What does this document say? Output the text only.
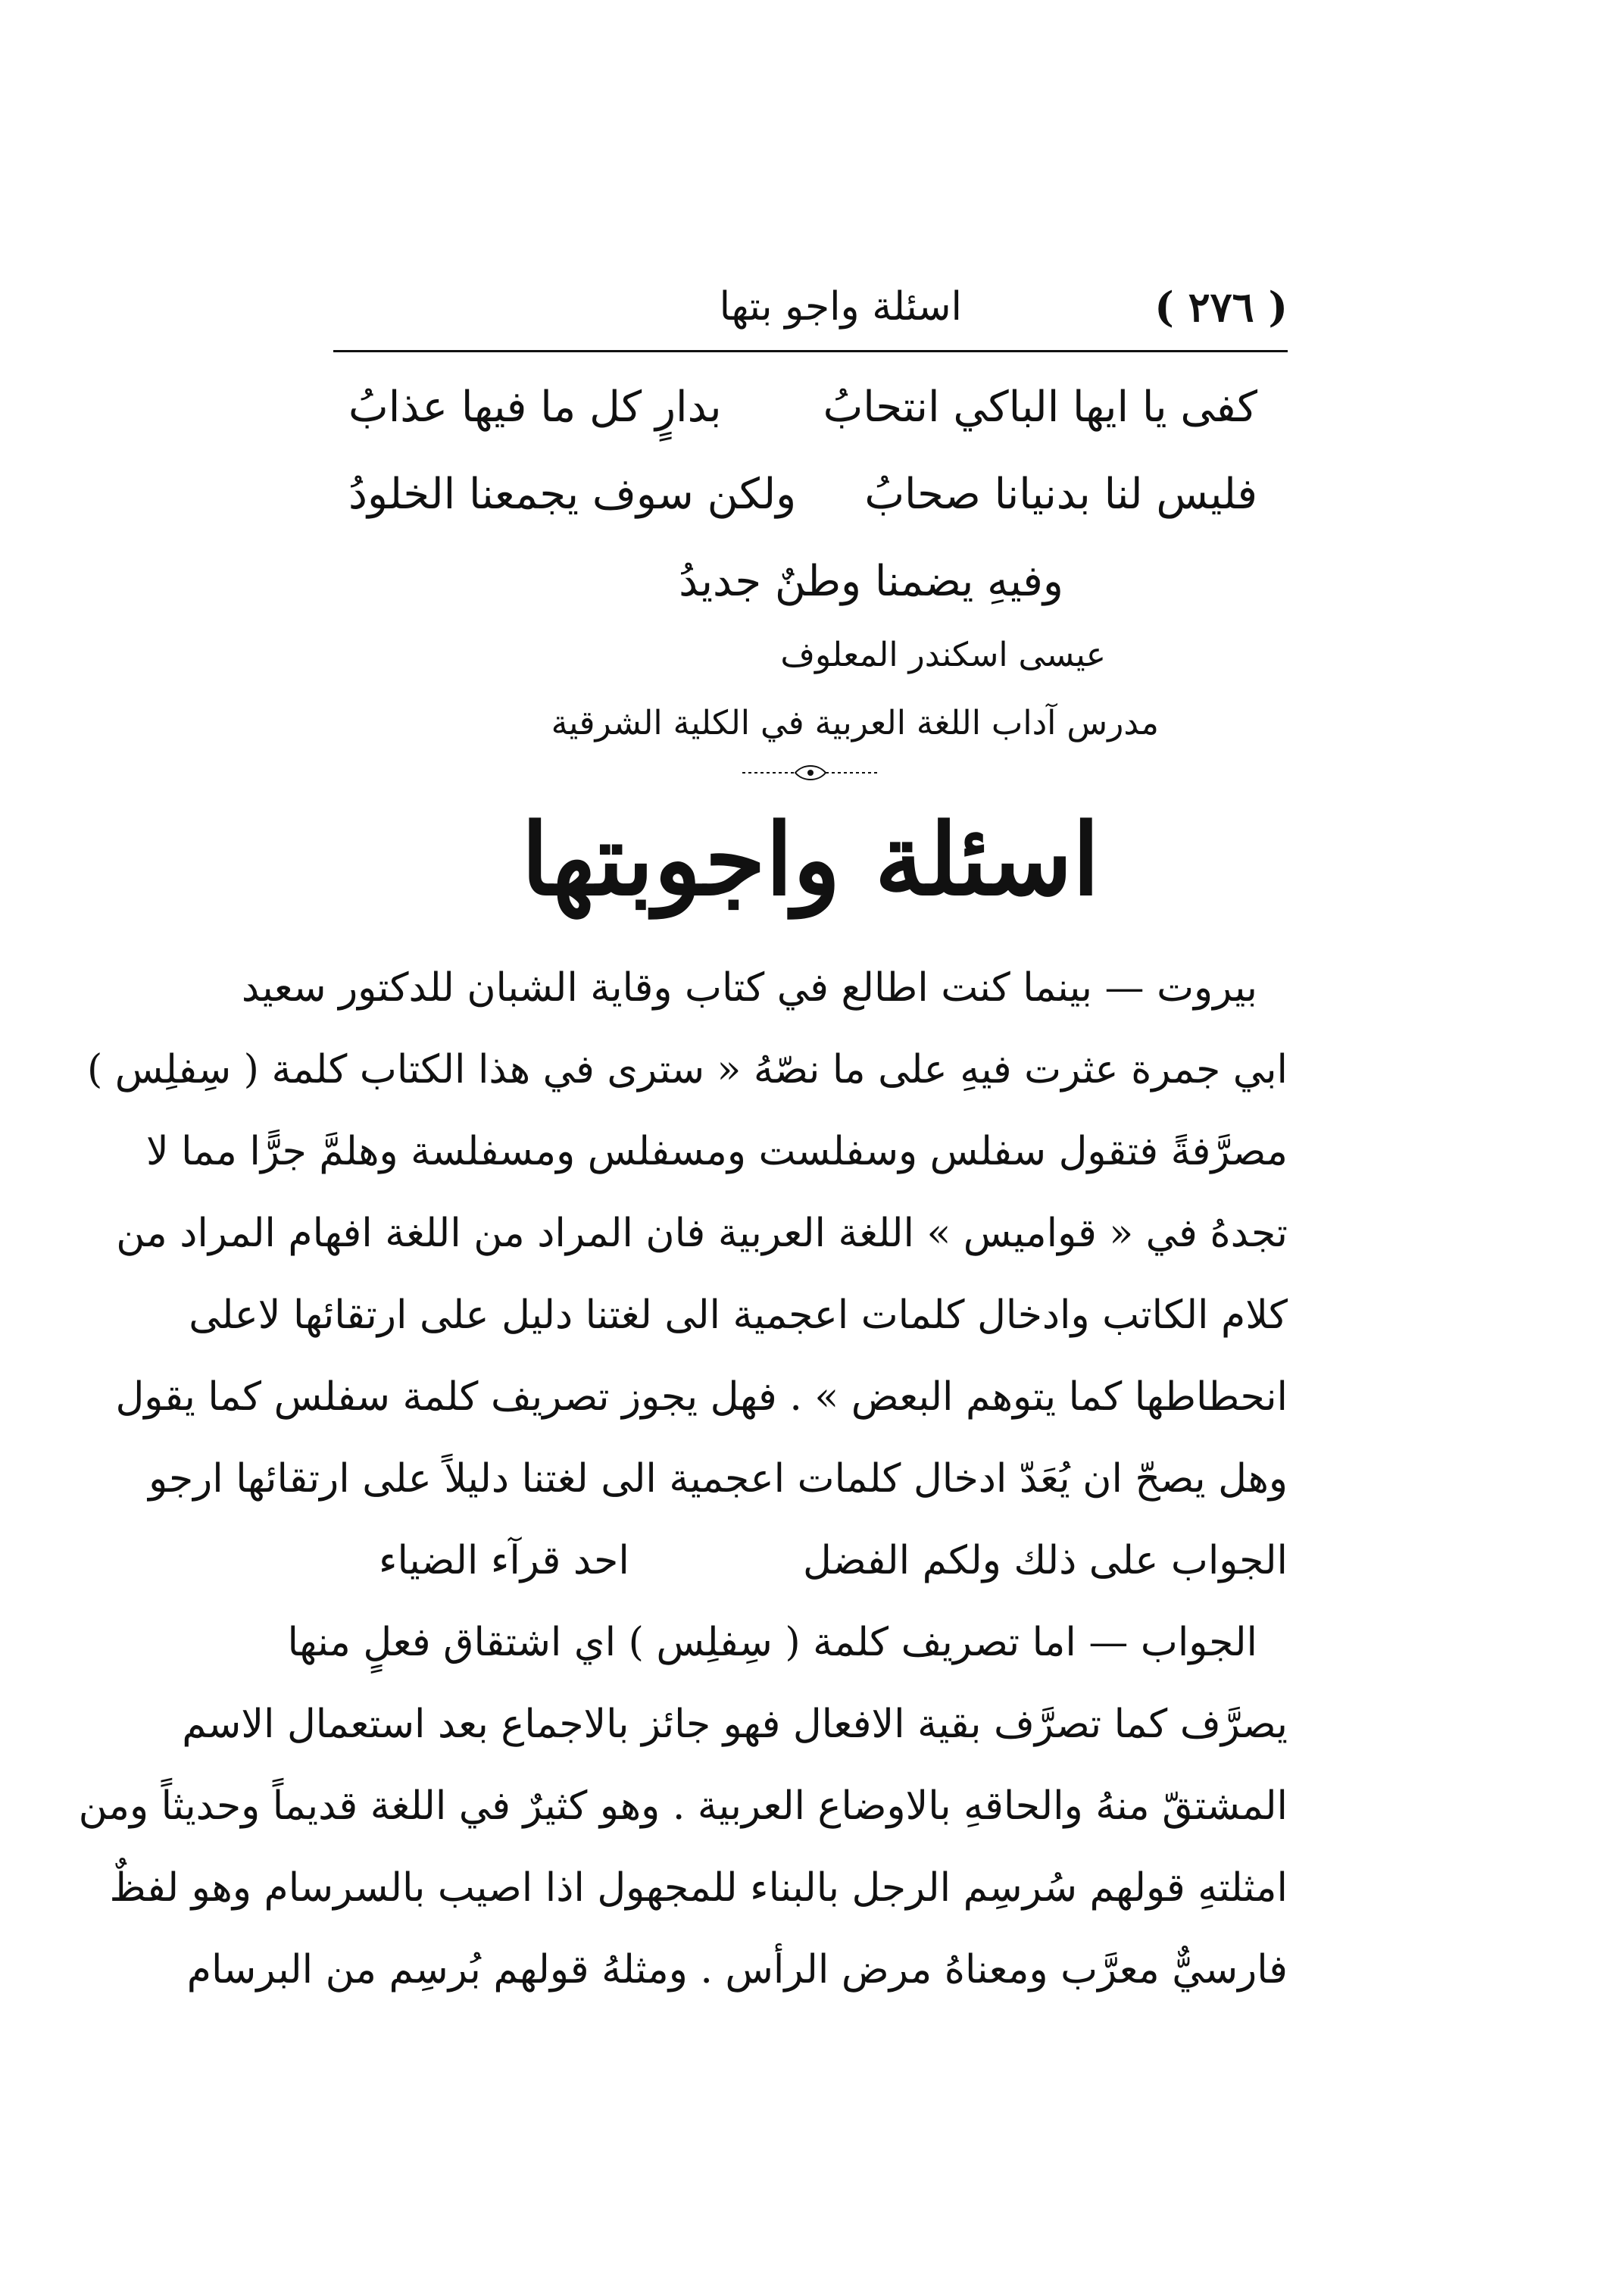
( ٢٧٦ )
اسئلة واجو بتها
كفى يا ايها الباكي انتحابُ
بدارٍ كل ما فيها عذابُ
فليس لنا بدنيانا صحابُ
ولكن سوف يجمعنا الخلودُ
وفيهِ يضمنا وطنٌ جديدُ
عيسى اسكندر المعلوف
مدرس آداب اللغة العربية في الكلية الشرقية
اسئلة واجوبتها
بيروت — بينما كنت اطالع في كتاب وقاية الشبان للدكتور سعيد
ابي جمرة عثرت فيهِ على ما نصّهُ « سترى في هذا الكتاب كلمة ( سِفلِس )
مصرَّفةً فتقول سفلس وسفلست ومسفلس ومسفلسة وهلمَّ جرًّا مما لا
تجدهُ في « قواميس » اللغة العربية فان المراد من اللغة افهام المراد من
كلام الكاتب وادخال كلمات اعجمية الى لغتنا دليل على ارتقائها لاعلى
انحطاطها كما يتوهم البعض » . فهل يجوز تصريف كلمة سفلس كما يقول
وهل يصحّ ان يُعَدّ ادخال كلمات اعجمية الى لغتنا دليلاً على ارتقائها ارجو
الجواب على ذلك ولكم الفضل
احد قرآء الضياء
الجواب — اما تصريف كلمة ( سِفلِس ) اي اشتقاق فعلٍ منها
يصرَّف كما تصرَّف بقية الافعال فهو جائز بالاجماع بعد استعمال الاسم
المشتقّ منهُ والحاقهِ بالاوضاع العربية . وهو كثيرٌ في اللغة قديماً وحديثاً ومن
امثلتهِ قولهم سُرسِم الرجل بالبناء للمجهول اذا اصيب بالسرسام وهو لفظٌ
فارسيٌّ معرَّب ومعناهُ مرض الرأس . ومثلهُ قولهم بُرسِم من البرسام
